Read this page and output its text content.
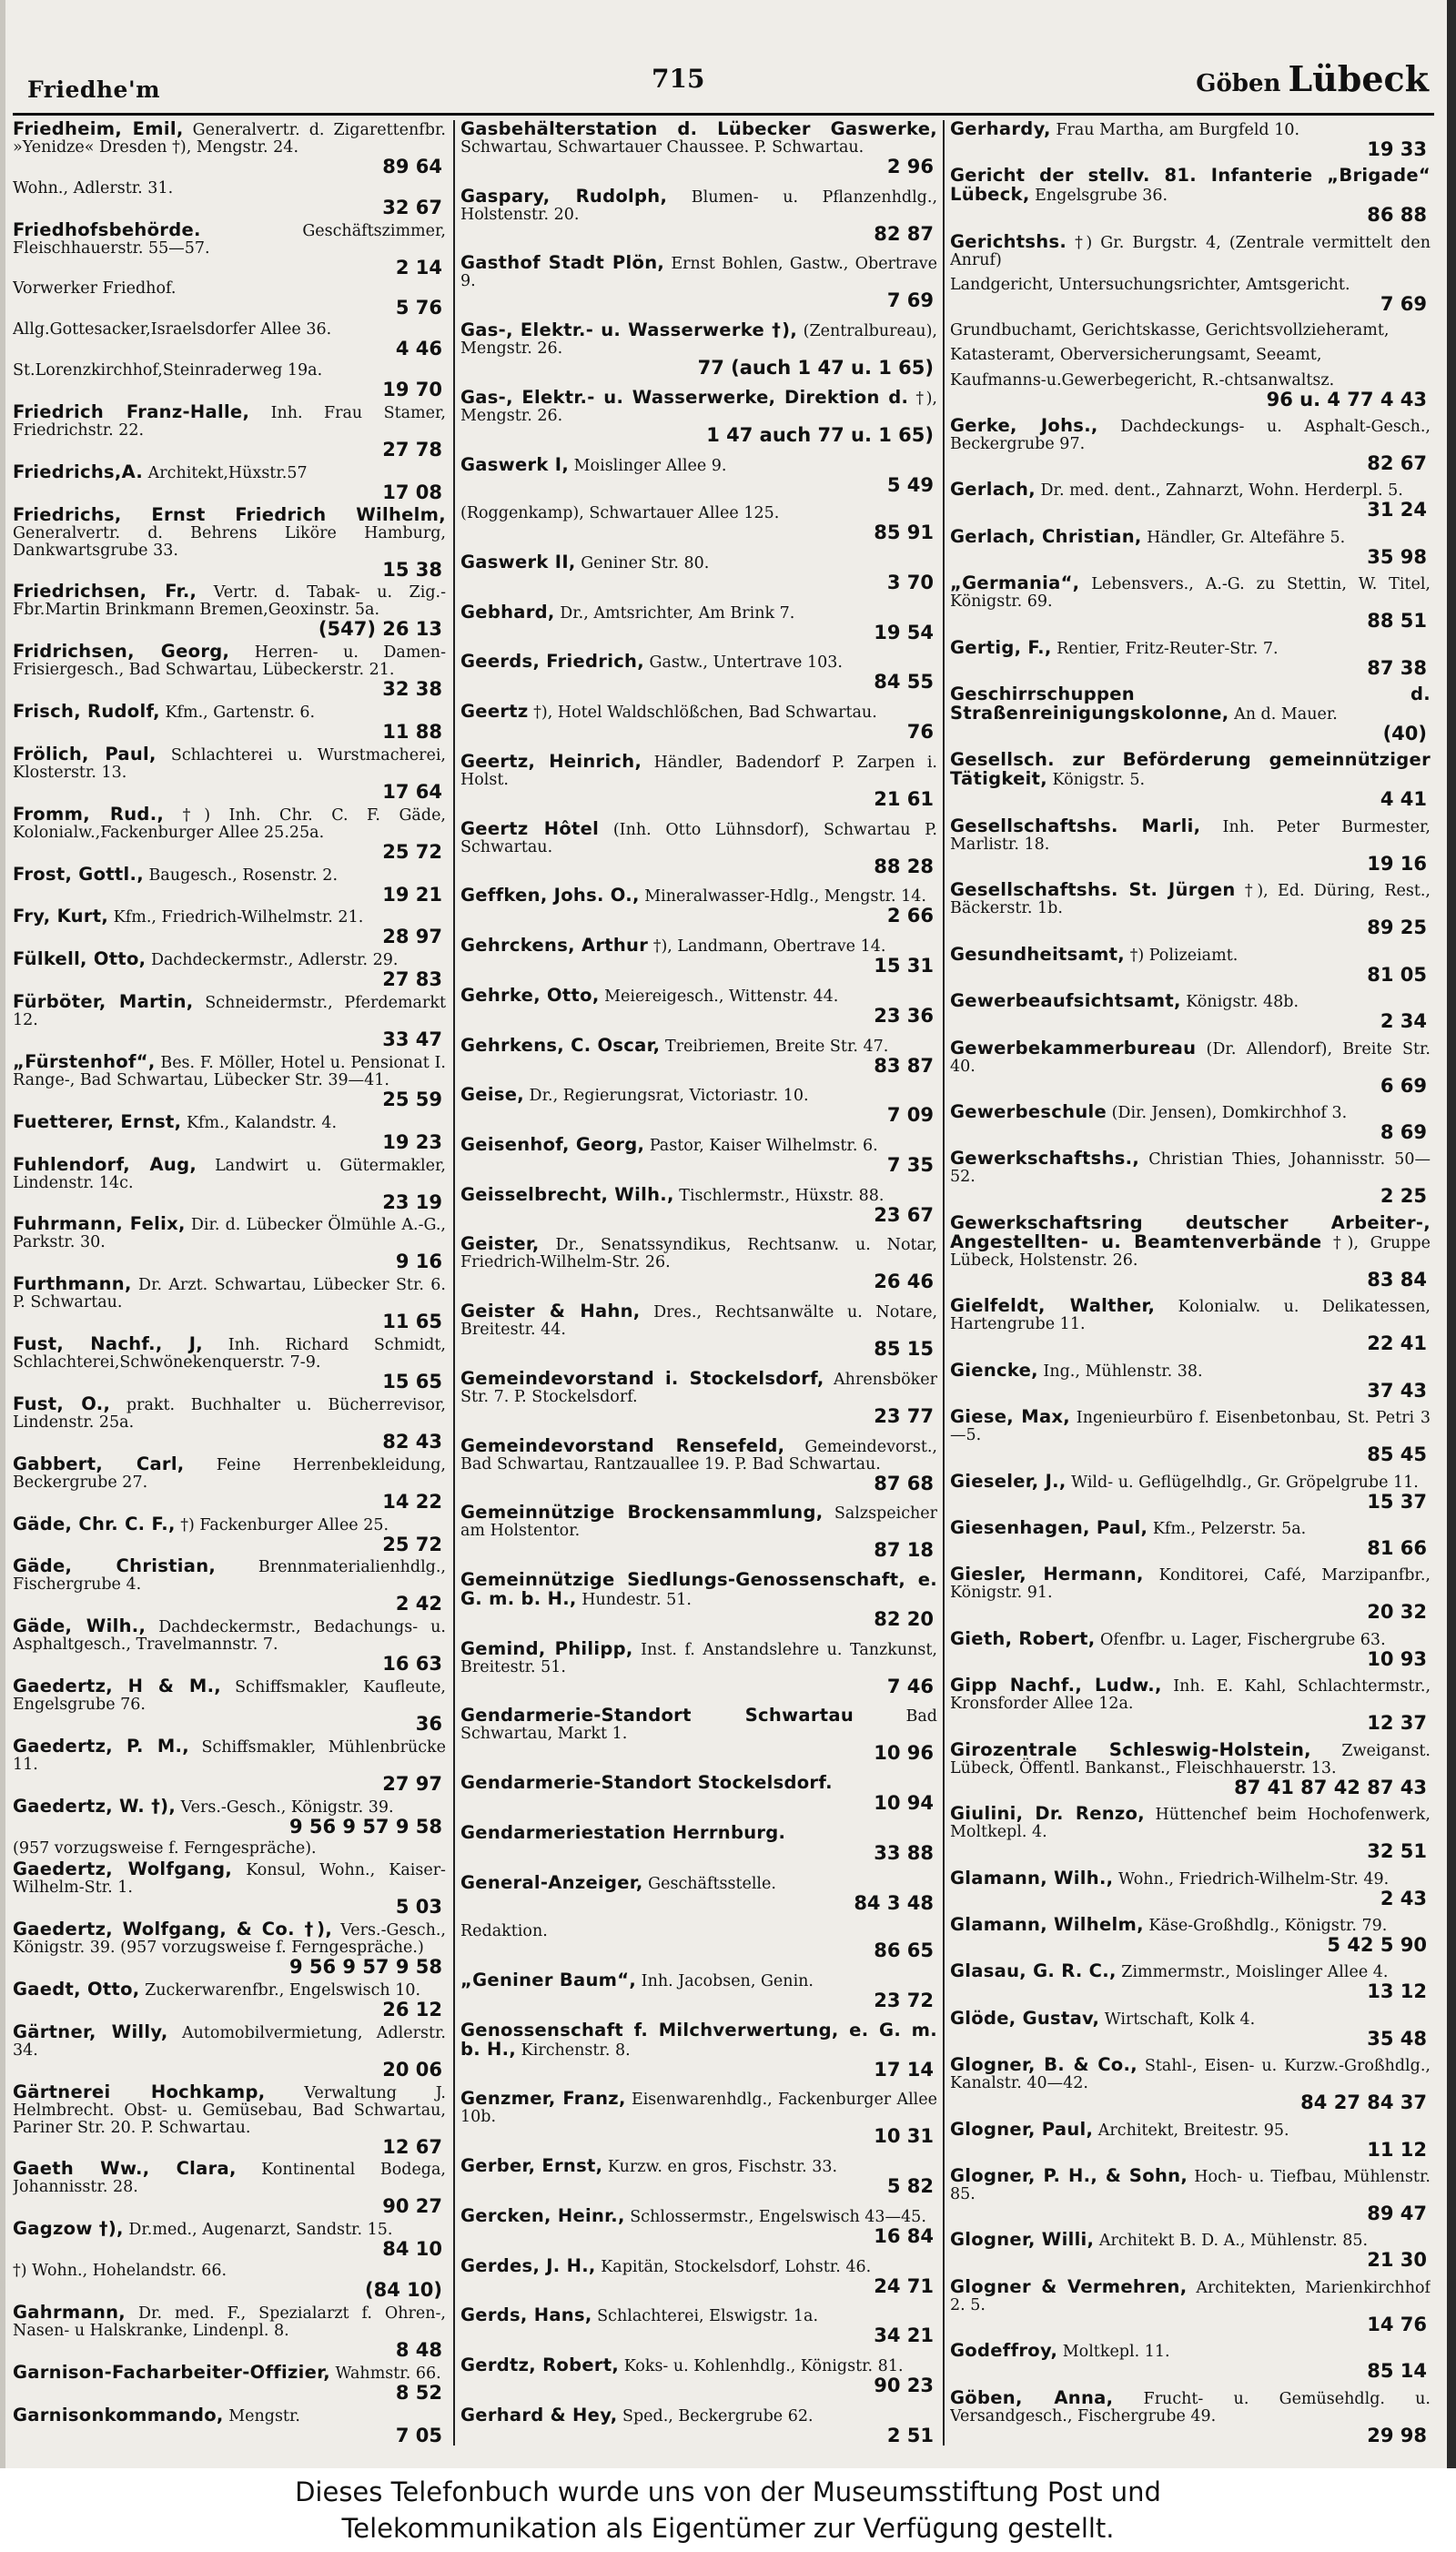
Friedhe'm	715	Göben Lübeck
Friedheim, Emil, Generalvertr. d. Zigarettenfbr. »Yenidze« Dresden †), Mengstr. 24.
89 64
Wohn., Adlerstr. 31.
32 67
Friedhofsbehörde.	Geschäftszimmer, Fleischhauerstr. 55—57.
2 14
Vorwerker Friedhof.
5 76
Allg.Gottesacker,Israelsdorfer Allee 36.
4 46
St.Lorenzkirchhof,Steinraderweg 19a.
19 70
Friedrich Franz-Halle, Inh. Frau Stamer, Friedrichstr. 22.
27 78
Friedrichs,A. Architekt,Hüxstr.57
17 08
Friedrichs, Ernst Friedrich Wilhelm, Generalvertr. d. Behrens Liköre Hamburg, Dankwartsgrube 33.
15 38
Friedrichsen, Fr., Vertr. d. Tabak- u. Zig.-Fbr.Martin Brinkmann Bremen,Geoxinstr. 5a.
(547) 26 13
Fridrichsen, Georg, Herren- u. Damen-Frisiergesch., Bad Schwartau, Lübeckerstr. 21.
32 38
Frisch, Rudolf, Kfm., Gartenstr. 6.
11 88
Frölich, Paul, Schlachterei u. Wurstmacherei, Klosterstr. 13.
17 64
Fromm, Rud., †) Inh. Chr. C. F. Gäde, Kolonialw.,Fackenburger Allee 25.25a.
25 72
Frost, Gottl., Baugesch., Rosenstr. 2.
19 21
Fry, Kurt, Kfm., Friedrich-Wilhelmstr. 21.
28 97
Fülkell, Otto, Dachdeckermstr., Adlerstr. 29.
27 83
Fürböter, Martin, Schneidermstr., Pferdemarkt 12.
33 47
„Fürstenhof“, Bes. F. Möller, Hotel u. Pensionat I. Range-, Bad Schwartau, Lübecker Str. 39—41.
25 59
Fuetterer, Ernst, Kfm., Kalandstr. 4.
19 23
Fuhlendorf, Aug, Landwirt u. Gütermakler, Lindenstr. 14c.
23 19
Fuhrmann, Felix, Dir. d. Lübecker Ölmühle A.-G., Parkstr. 30.
9 16
Furthmann, Dr. Arzt. Schwartau, Lübecker Str. 6. P. Schwartau.
11 65
Fust, Nachf., J, Inh. Richard Schmidt, Schlachterei,Schwönekenquerstr. 7-9.
15 65
Fust, O., prakt. Buchhalter u. Bücherrevisor, Lindenstr. 25a.
82 43
Gabbert, Carl, Feine Herrenbekleidung, Beckergrube 27.
14 22
Gäde, Chr. C. F., †) Fackenburger Allee 25.
25 72
Gäde, Christian,	Brennmaterialienhdlg., Fischergrube 4.
2 42
Gäde, Wilh., Dachdeckermstr., Bedachungs- u. Asphaltgesch., Travelmannstr. 7.
16 63
Gaedertz, H & M., Schiffsmakler, Kaufleute, Engelsgrube 76.
36
Gaedertz, P. M., Schiffsmakler, Mühlenbrücke 11.
27 97
Gaedertz, W. †), Vers.-Gesch., Königstr. 39.
9 56 9 57 9 58
(957 vorzugsweise f. Ferngespräche).
Gaedertz, Wolfgang, Konsul, Wohn., Kaiser-Wilhelm-Str. 1.
5 03
Gaedertz, Wolfgang, & Co. †), Vers.-Gesch., Königstr. 39. (957 vorzugsweise f. Ferngespräche.)
9 56 9 57 9 58
Gaedt, Otto, Zuckerwarenfbr., Engelswisch 10.
26 12
Gärtner, Willy, Automobilvermietung, Adlerstr. 34.
20 06
Gärtnerei Hochkamp, Verwaltung J. Helmbrecht. Obst- u. Gemüsebau, Bad Schwartau, Pariner Str. 20. P. Schwartau.
12 67
Gaeth Ww., Clara, Kontinental Bodega, Johannisstr. 28.
90 27
Gagzow †), Dr.med., Augenarzt, Sandstr. 15.
84 10
†) Wohn., Hohelandstr. 66.
(84 10)
Gahrmann, Dr. med. F., Spezialarzt f. Ohren-, Nasen- u Halskranke, Lindenpl. 8.
8 48
Garnison-Facharbeiter-Offizier, Wahmstr. 66.
8 52
Garnisonkommando, Mengstr.
7 05
Gasbehälterstation d. Lübecker Gaswerke, Schwartau, Schwartauer Chaussee. P. Schwartau.
2 96
Gaspary, Rudolph, Blumen- u. Pflanzenhdlg., Holstenstr. 20.
82 87
Gasthof Stadt Plön, Ernst Bohlen, Gastw., Obertrave 9.
7 69
Gas-, Elektr.- u. Wasserwerke †), (Zentralbureau), Mengstr. 26.
77 (auch 1 47 u. 1 65)
Gas-, Elektr.- u. Wasserwerke, Direktion d. †), Mengstr. 26.
1 47 auch 77 u. 1 65)
Gaswerk I, Moislinger Allee 9.
5 49
(Roggenkamp), Schwartauer Allee 125.
85 91
Gaswerk II, Geniner Str. 80.
3 70
Gebhard, Dr., Amtsrichter, Am Brink 7.
19 54
Geerds, Friedrich, Gastw., Untertrave 103.
84 55
Geertz †), Hotel Waldschlößchen, Bad Schwartau.
76
Geertz, Heinrich, Händler, Badendorf P. Zarpen i. Holst.
21 61
Geertz Hôtel (Inh. Otto Lühnsdorf), Schwartau P. Schwartau.
88 28
Geffken, Johs. O., Mineralwasser-Hdlg., Mengstr. 14.
2 66
Gehrckens, Arthur †), Landmann, Obertrave 14.
15 31
Gehrke, Otto, Meiereigesch., Wittenstr. 44.
23 36
Gehrkens, C. Oscar, Treibriemen, Breite Str. 47.
83 87
Geise, Dr., Regierungsrat, Victoriastr. 10.
7 09
Geisenhof, Georg, Pastor, Kaiser Wilhelmstr. 6.
7 35
Geisselbrecht, Wilh., Tischlermstr., Hüxstr. 88.
23 67
Geister, Dr., Senatssyndikus, Rechtsanw. u. Notar, Friedrich-Wilhelm-Str. 26.
26 46
Geister & Hahn, Dres., Rechtsanwälte u. Notare, Breitestr. 44.
85 15
Gemeindevorstand i. Stockelsdorf, Ahrensböker Str. 7. P. Stockelsdorf.
23 77
Gemeindevorstand Rensefeld, Gemeindevorst., Bad Schwartau, Rantzauallee 19. P. Bad Schwartau.
87 68
Gemeinnützige Brockensammlung, Salzspeicher am Holstentor.
87 18
Gemeinnützige Siedlungs-Genossenschaft, e. G. m. b. H., Hundestr. 51.
82 20
Gemind, Philipp, Inst. f. Anstandslehre u. Tanzkunst, Breitestr. 51.
7 46
Gendarmerie-Standort Schwartau	Bad Schwartau, Markt 1.
10 96
Gendarmerie-Standort Stockelsdorf.
10 94
Gendarmeriestation Herrnburg.
33 88
General-Anzeiger, Geschäftsstelle.
84 3 48
Redaktion.
86 65
„Geniner Baum“, Inh. Jacobsen, Genin.
23 72
Genossenschaft f. Milchverwertung, e. G. m. b. H., Kirchenstr. 8.
17 14
Genzmer, Franz, Eisenwarenhdlg., Fackenburger Allee 10b.
10 31
Gerber, Ernst, Kurzw. en gros, Fischstr. 33.
5 82
Gercken, Heinr., Schlossermstr., Engelswisch 43—45.
16 84
Gerdes, J. H., Kapitän, Stockelsdorf, Lohstr. 46.
24 71
Gerds, Hans, Schlachterei, Elswigstr. 1a.
34 21
Gerdtz, Robert, Koks- u. Kohlenhdlg., Königstr. 81.
90 23
Gerhard & Hey, Sped., Beckergrube 62.
2 51
Gerhardy, Frau Martha, am Burgfeld 10.
19 33
Gericht der stellv. 81. Infanterie „Brigade“ Lübeck, Engelsgrube 36.
86 88
Gerichtshs. †) Gr. Burgstr. 4, (Zentrale vermittelt den Anruf)
Landgericht, Untersuchungsrichter, Amtsgericht.
7 69
Grundbuchamt, Gerichtskasse, Gerichtsvollzieheramt,
Katasteramt, Oberversicherungsamt, Seeamt,
Kaufmanns-u.Gewerbegericht, R.-chtsanwaltsz.
96 u. 4 77 4 43
Gerke, Johs., Dachdeckungs- u. Asphalt-Gesch., Beckergrube 97.
82 67
Gerlach, Dr. med. dent., Zahnarzt, Wohn. Herderpl. 5.
31 24
Gerlach, Christian, Händler, Gr. Altefähre 5.
35 98
„Germania“, Lebensvers., A.-G. zu Stettin, W. Titel, Königstr. 69.
88 51
Gertig, F., Rentier, Fritz-Reuter-Str. 7.
87 38
Geschirrschuppen d. Straßenreinigungskolonne, An d. Mauer.
(40)
Gesellsch. zur Beförderung gemeinnütziger Tätigkeit, Königstr. 5.
4 41
Gesellschaftshs. Marli, Inh. Peter Burmester, Marlistr. 18.
19 16
Gesellschaftshs. St. Jürgen †), Ed. Düring, Rest., Bäckerstr. 1b.
89 25
Gesundheitsamt, †) Polizeiamt.
81 05
Gewerbeaufsichtsamt, Königstr. 48b.
2 34
Gewerbekammerbureau (Dr. Allendorf), Breite Str. 40.
6 69
Gewerbeschule (Dir. Jensen), Domkirchhof 3.
8 69
Gewerkschaftshs., Christian Thies, Johannisstr. 50—52.
2 25
Gewerkschaftsring deutscher Arbeiter-, Angestellten- u. Beamtenverbände †), Gruppe Lübeck, Holstenstr. 26.
83 84
Gielfeldt, Walther, Kolonialw. u. Delikatessen, Hartengrube 11.
22 41
Giencke, Ing., Mühlenstr. 38.
37 43
Giese, Max, Ingenieurbüro f. Eisenbetonbau, St. Petri 3—5.
85 45
Gieseler, J., Wild- u. Geflügelhdlg., Gr. Gröpelgrube 11.
15 37
Giesenhagen, Paul, Kfm., Pelzerstr. 5a.
81 66
Giesler, Hermann, Konditorei, Café, Marzipanfbr., Königstr. 91.
20 32
Gieth, Robert, Ofenfbr. u. Lager, Fischergrube 63.
10 93
Gipp Nachf., Ludw., Inh. E. Kahl, Schlachtermstr., Kronsforder Allee 12a.
12 37
Girozentrale Schleswig-Holstein, Zweiganst. Lübeck, Öffentl. Bankanst., Fleischhauerstr. 13.
87 41 87 42 87 43
Giulini, Dr. Renzo, Hüttenchef beim Hochofenwerk, Moltkepl. 4.
32 51
Glamann, Wilh., Wohn., Friedrich-Wilhelm-Str. 49.
2 43
Glamann, Wilhelm, Käse-Großhdlg., Königstr. 79.
5 42 5 90
Glasau, G. R. C., Zimmermstr., Moislinger Allee 4.
13 12
Glöde, Gustav, Wirtschaft, Kolk 4.
35 48
Glogner, B. & Co., Stahl-, Eisen- u. Kurzw.-Großhdlg., Kanalstr. 40—42.
84 27 84 37
Glogner, Paul, Architekt, Breitestr. 95.
11 12
Glogner, P. H., & Sohn, Hoch- u. Tiefbau, Mühlenstr. 85.
89 47
Glogner, Willi, Architekt B. D. A., Mühlenstr. 85.
21 30
Glogner & Vermehren, Architekten, Marienkirchhof 2. 5.
14 76
Godeffroy, Moltkepl. 11.
85 14
Göben, Anna, Frucht- u. Gemüsehdlg. u. Versandgesch., Fischergrube 49.
29 98
Dieses Telefonbuch wurde uns von der Museumsstiftung Post und
Telekommunikation als Eigentümer zur Verfügung gestellt.
